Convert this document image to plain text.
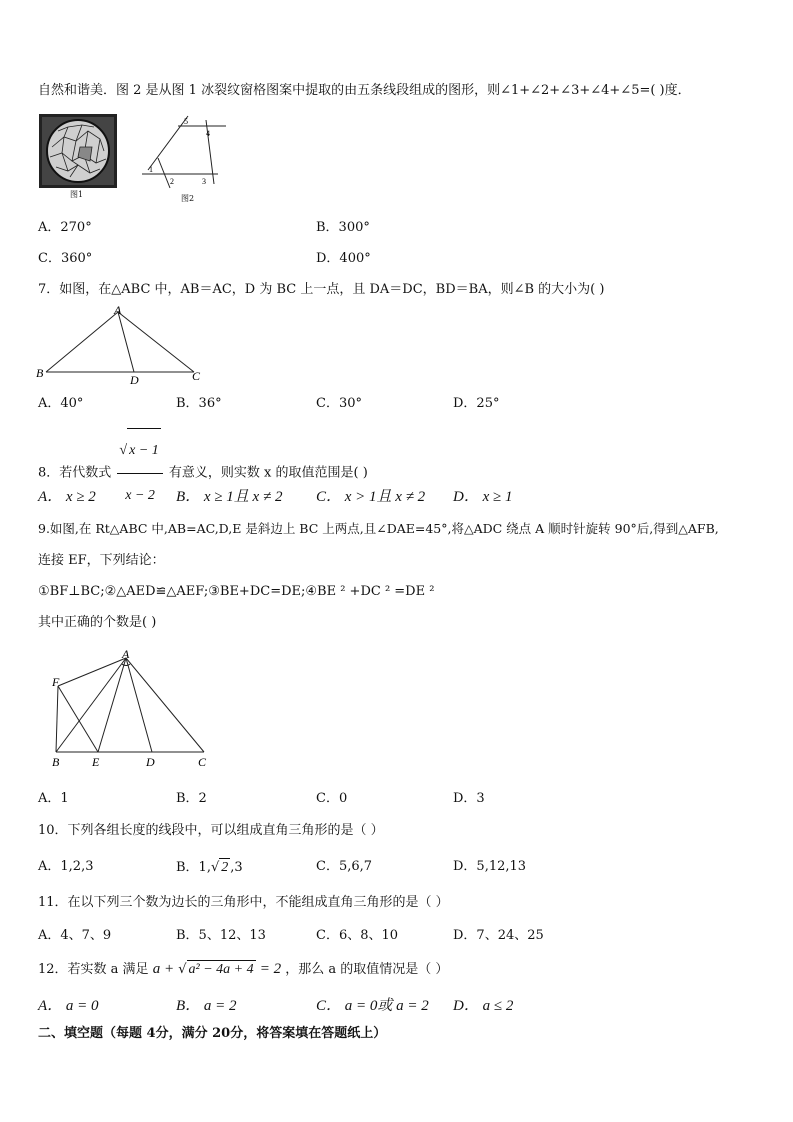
自然和谐美．图 2 是从图 1 冰裂纹窗格图案中提取的由五条线段组成的图形，则∠1+∠2+∠3+∠4+∠5=( )度．
图1
5
4
1
2	3
图2
A．270°	B．300°
C．360°	D．400°
7．如图，在△ABC 中，AB＝AC，D 为 BC 上一点，且 DA＝DC，BD＝BA，则∠B 的大小为( )
A
B	C
D
A．40°	B．36°	C．30°	D．25°
8．若代数式 $\frac{√ x - 1}{x - 2}$ 有意义，则实数 x 的取值范围是( )
A． x ≥ 2	B． x ≥ 1且 x ≠ 2 C． x > 1且 x ≠ 2 D． x ≥ 1
9.如图,在 Rt△ABC 中,AB=AC,D,E 是斜边上 BC 上两点,且∠DAE=45°,将△ADC 绕点 A 顺时针旋转 90°后,得到△AFB,
连接 EF，下列结论：
①BF⊥BC;②△AED≌△AEF;③BE+DC=DE;④BE ² +DC ² =DE ²
其中正确的个数是( )
A
F
B	E	D	C
A．1	B．2	C．0	D．3
10．下列各组长度的线段中，可以组成直角三角形的是（ ）
A．1,2,3	B．1,√ 2 ,3	C．5,6,7	D．5,12,13
11．在以下列三个数为边长的三角形中，不能组成直角三角形的是（ ）
A．4、7、9	B．5、12、13	C．6、8、10	D．7、24、25
12．若实数 a 满足 a + √ a² − 4a + 4 = 2 ，那么 a 的取值情况是（ ）
A． a = 0	B． a = 2	C． a = 0或 a = 2 D． a ≤ 2
二、填空题（每题 4分，满分 20分，将答案填在答题纸上）
